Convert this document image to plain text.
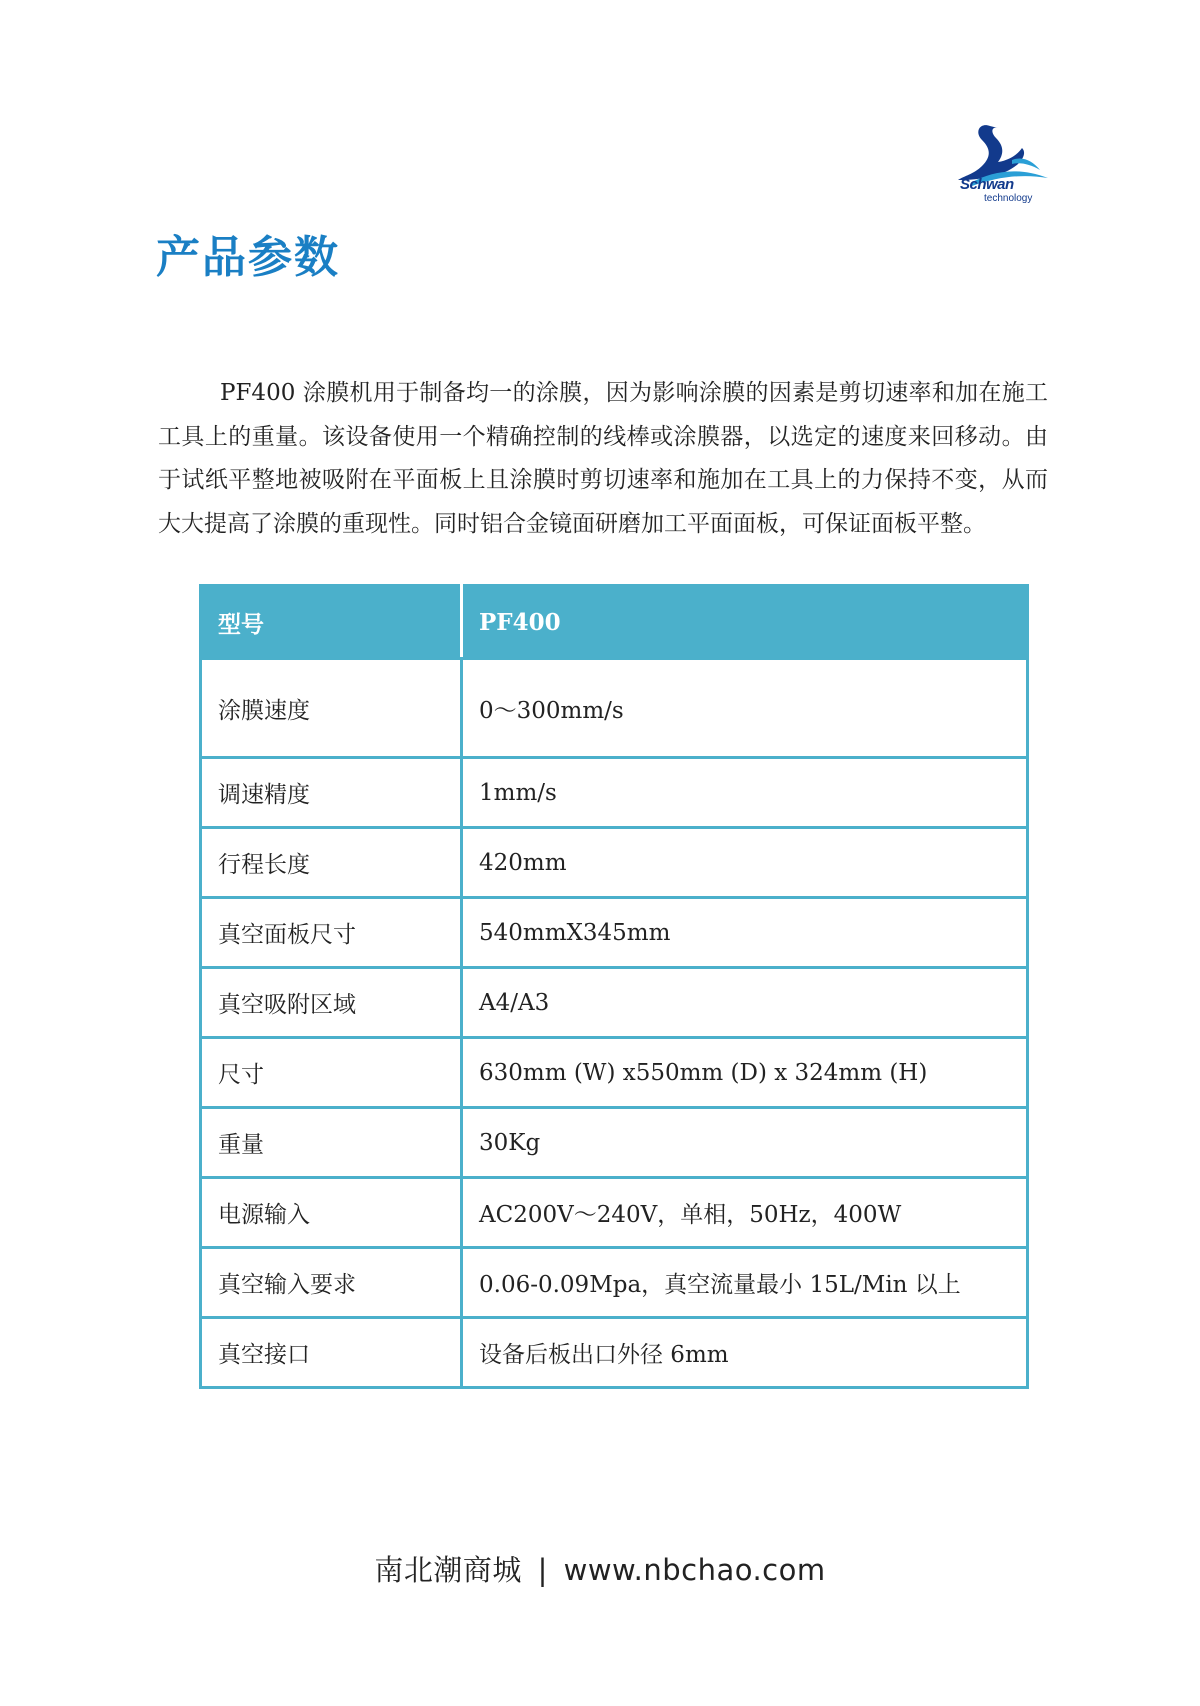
Schwan
technology
产品参数

PF400 涂膜机用于制备均一的涂膜，因为影响涂膜的因素是剪切速率和加在施工工具上的重量。该设备使用一个精确控制的线棒或涂膜器，以选定的速度来回移动。由于试纸平整地被吸附在平面板上且涂膜时剪切速率和施加在工具上的力保持不变，从而大大提高了涂膜的重现性。同时铝合金镜面研磨加工平面面板，可保证面板平整。

型号	PF400
涂膜速度	0～300mm/s
调速精度	1mm/s
行程长度	420mm
真空面板尺寸	540mmX345mm
真空吸附区域	A4/A3
尺寸	630mm (W) x550mm (D) x 324mm (H)
重量	30Kg
电源输入	AC200V～240V，单相，50Hz，400W
真空输入要求	0.06-0.09Mpa，真空流量最小 15L/Min 以上
真空接口	设备后板出口外径 6mm
南北潮商城 | www.nbchao.com
